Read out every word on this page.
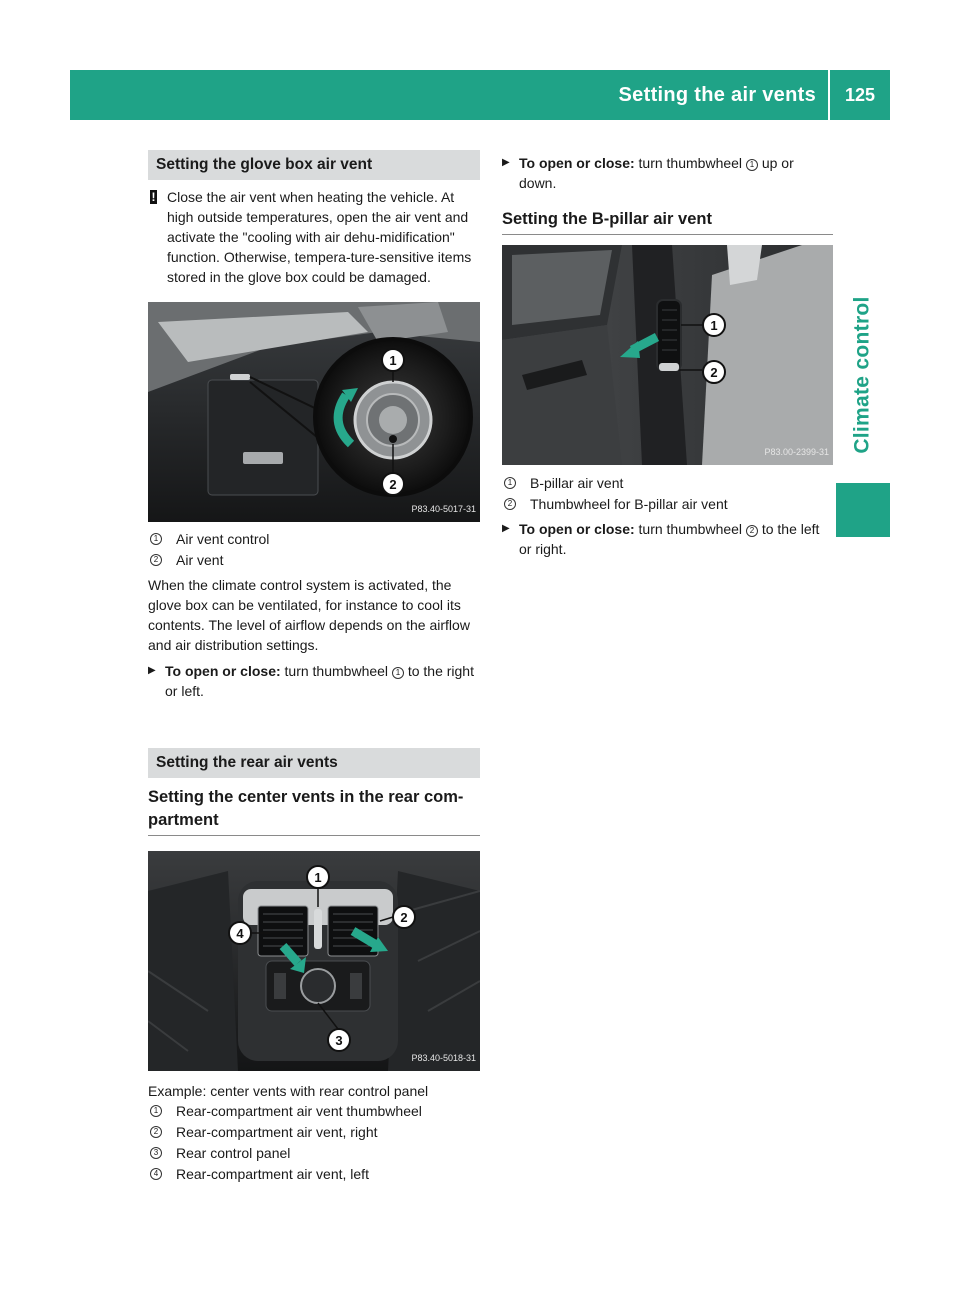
Setting the air vents	125
Climate control
Setting the glove box air vent
! Close the air vent when heating the vehicle. At high outside temperatures, open the air vent and activate the "cooling with air dehu-midification" function. Otherwise, tempera-ture-sensitive items stored in the glove box could be damaged.
1
2
P83.40-5017-31
1 Air vent control
2 Air vent

When the climate control system is activated, the glove box can be ventilated, for instance to cool its contents. The level of airflow depends on the airflow and air distribution settings.

▶ To open or close: turn thumbwheel 1 to the right or left.
Setting the rear air vents
Setting the center vents in the rear com-partment
1
2
3
4
P83.40-5018-31
Example: center vents with rear control panel
1 Rear-compartment air vent thumbwheel
2 Rear-compartment air vent, right
3 Rear control panel
4 Rear-compartment air vent, left
▶ To open or close: turn thumbwheel 1 up or down.
Setting the B-pillar air vent
1
2
P83.00-2399-31
1 B-pillar air vent
2 Thumbwheel for B-pillar air vent
▶ To open or close: turn thumbwheel 2 to the left or right.
